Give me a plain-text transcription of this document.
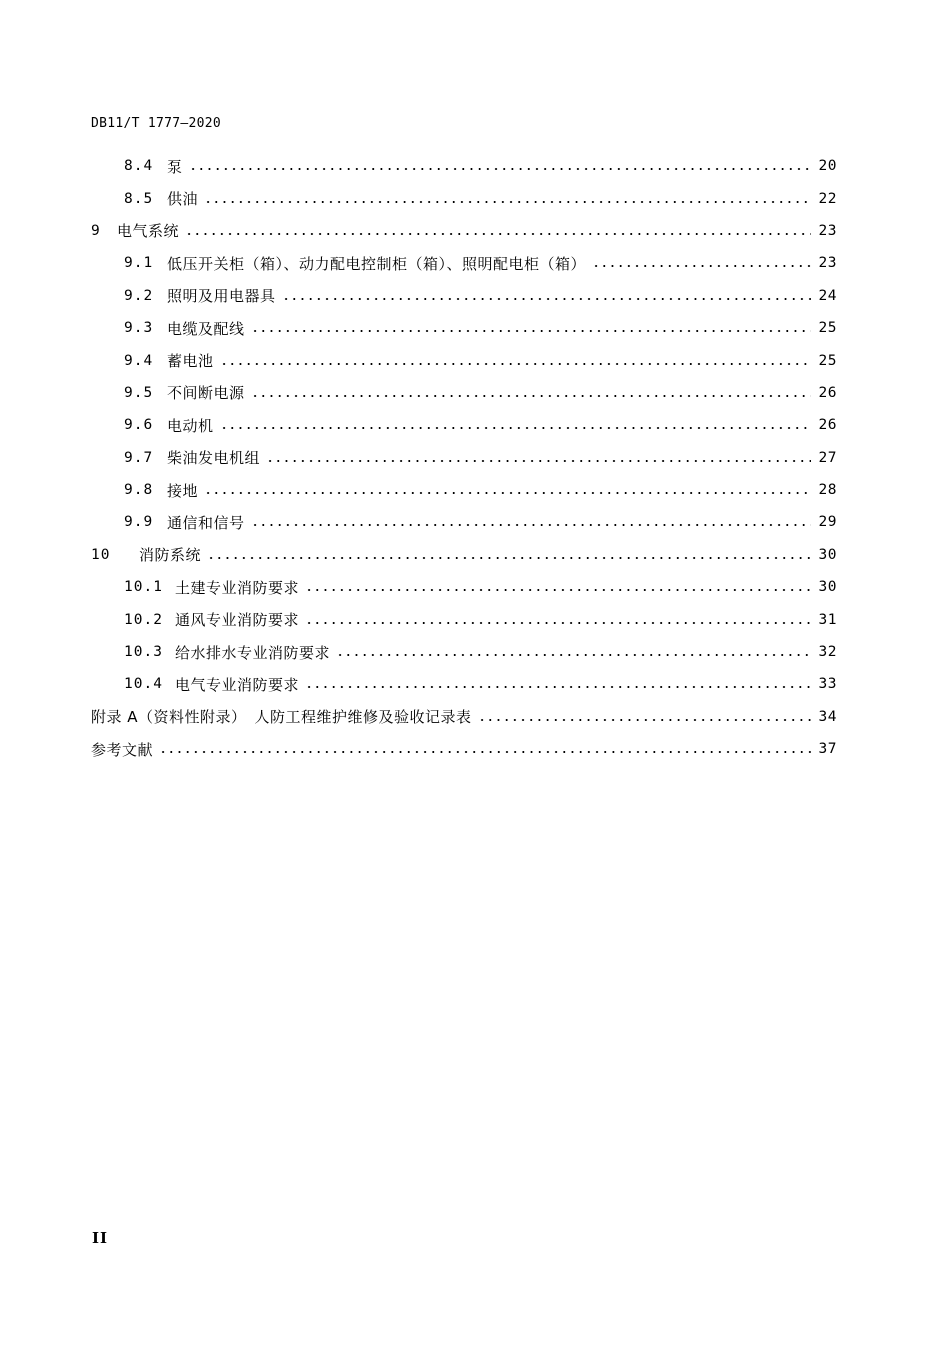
DB11/T 1777—2020
8.4 泵	20
8.5 供油	22
9	电气系统	23
9.1 低压开关柜（箱）、动力配电控制柜（箱）、照明配电柜（箱）	23
9.2 照明及用电器具	24
9.3 电缆及配线	25
9.4 蓄电池	25
9.5 不间断电源	26
9.6 电动机	26
9.7 柴油发电机组	27
9.8 接地	28
9.9 通信和信号	29
10	消防系统	30
10.1 土建专业消防要求	30
10.2 通风专业消防要求	31
10.3 给水排水专业消防要求	32
10.4 电气专业消防要求	33
附录 A（资料性附录）　人防工程维护维修及验收记录表	34
参考文献	37
II
